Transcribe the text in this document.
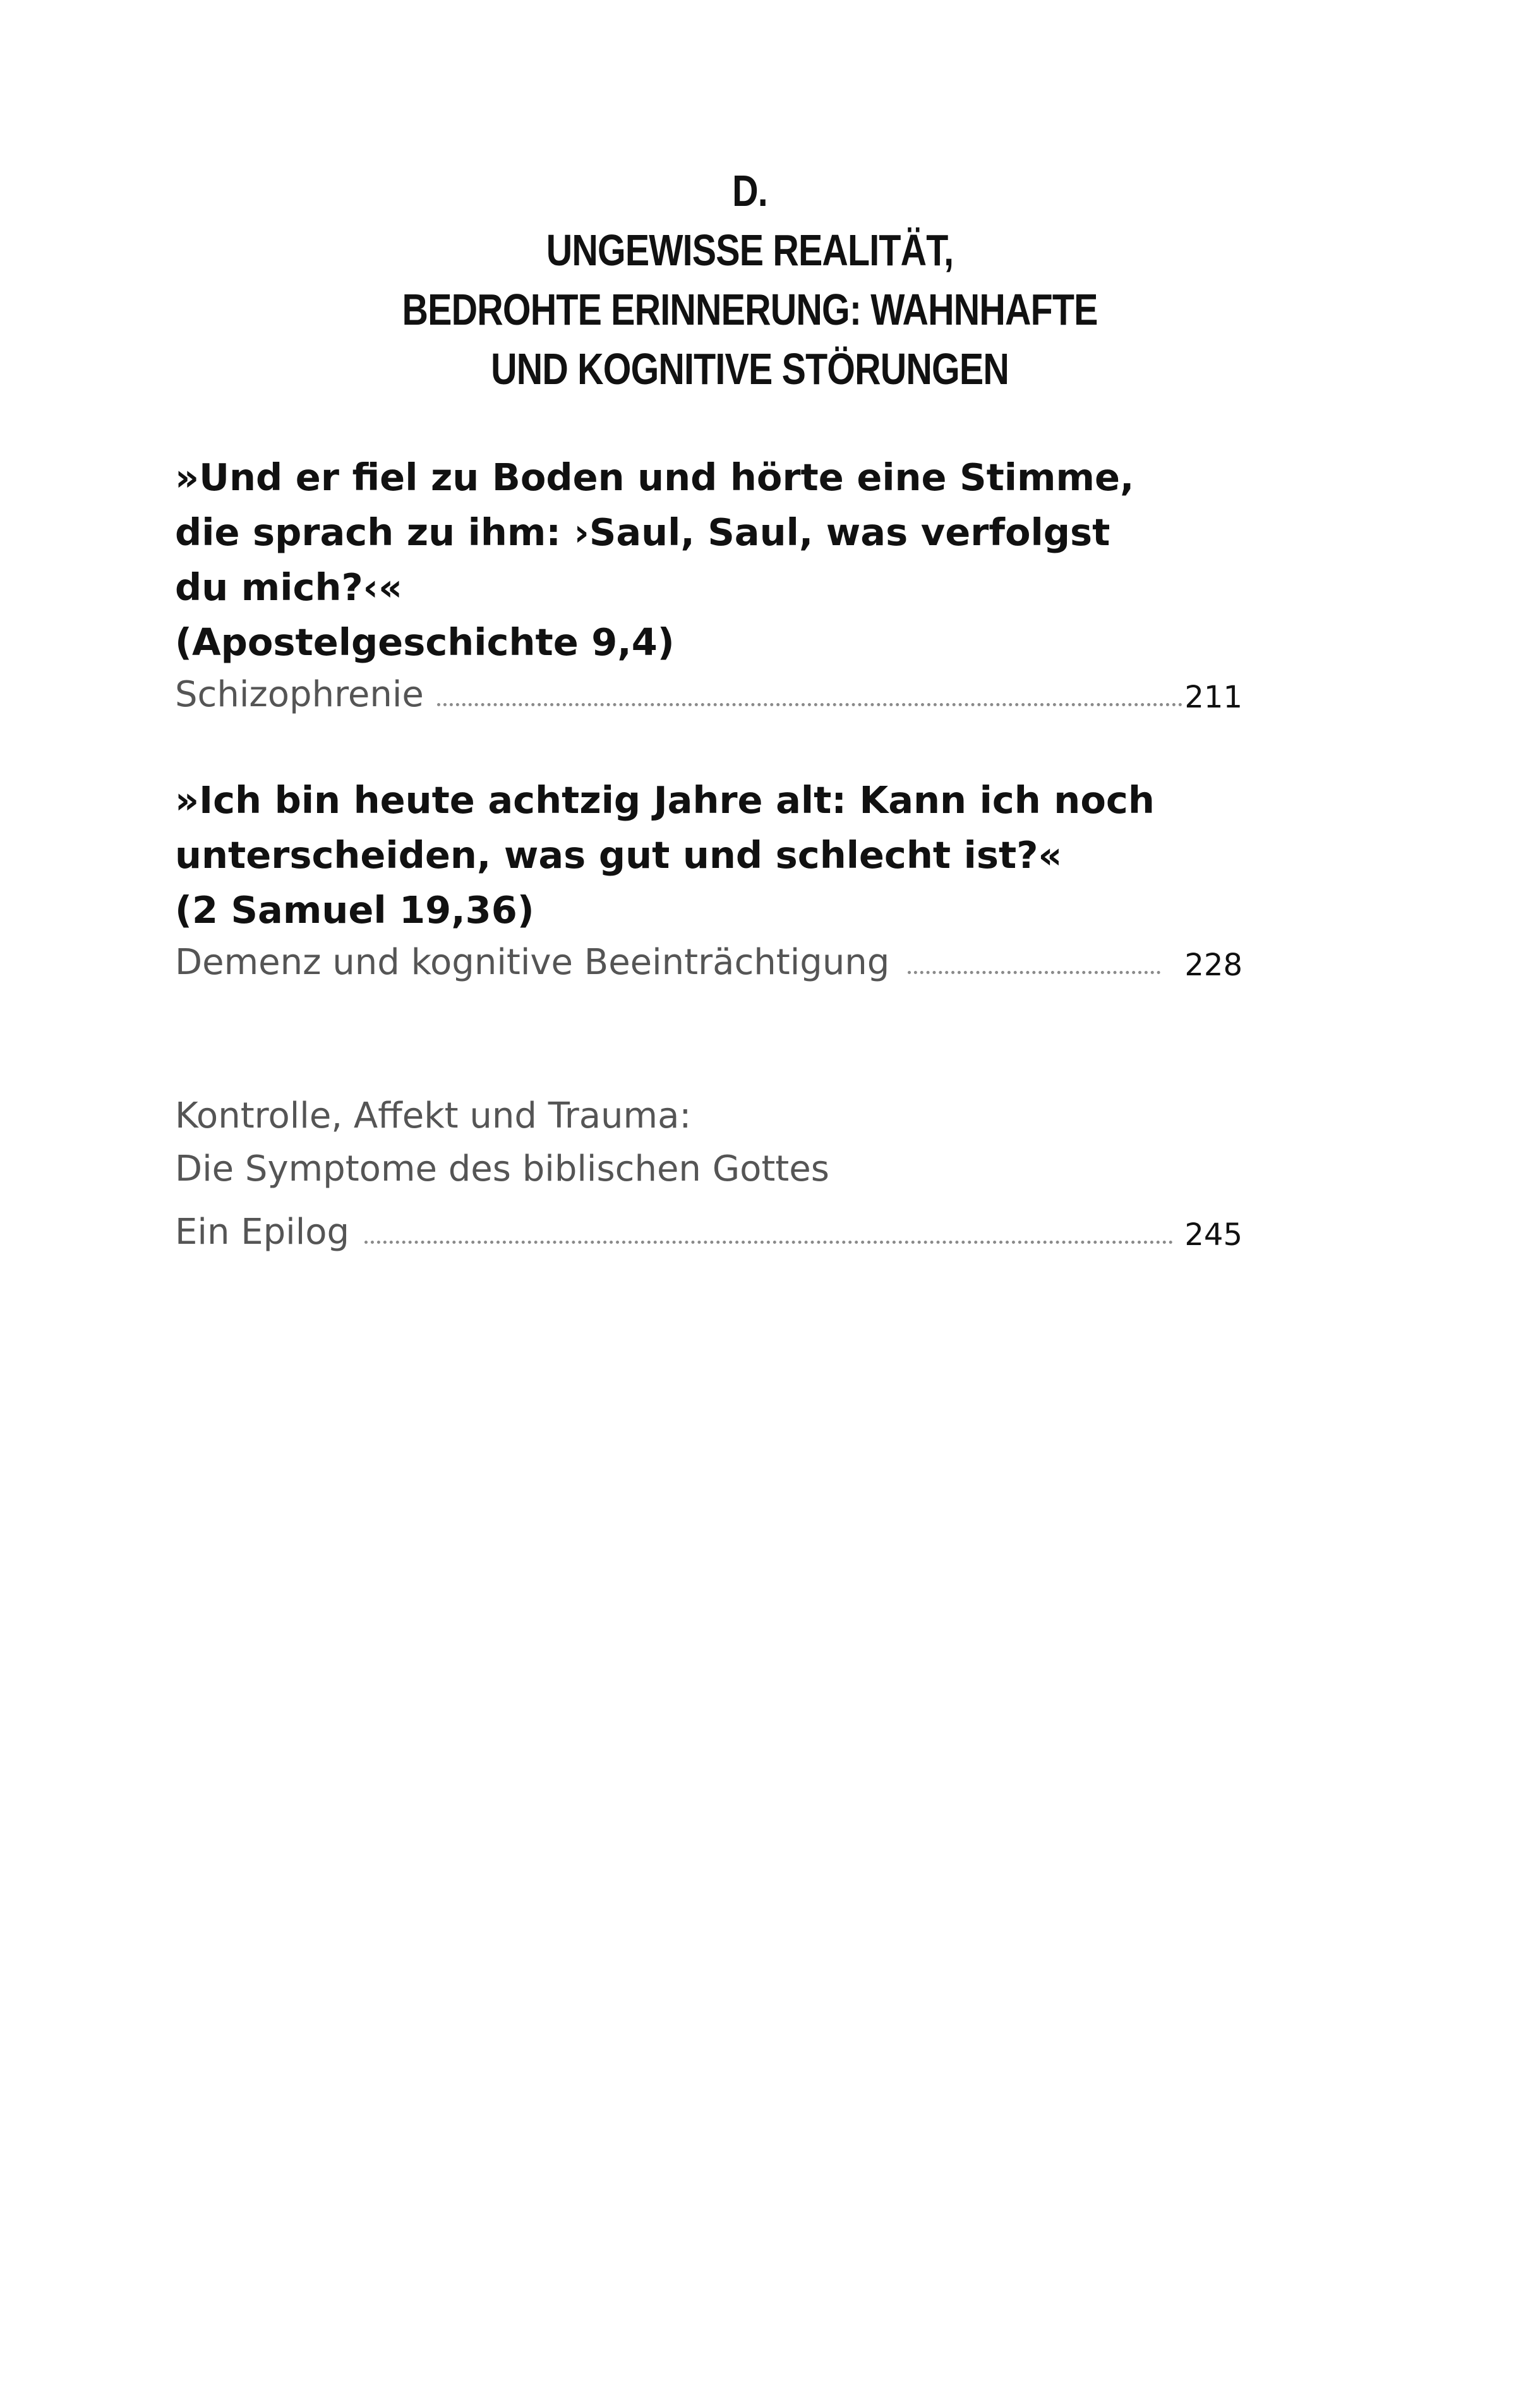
D.
UNGEWISSE REALITÄT,
BEDROHTE ERINNERUNG: WAHNHAFTE
UND KOGNITIVE STÖRUNGEN
»Und er fiel zu Boden und hörte eine Stimme,
die sprach zu ihm: ›Saul, Saul, was verfolgst
du mich?‹«
(Apostelgeschichte 9,4)
Schizophrenie	211
»Ich bin heute achtzig Jahre alt: Kann ich noch
unterscheiden, was gut und schlecht ist?«
(2 Samuel 19,36)
Demenz und kognitive Beeinträchtigung	228
Kontrolle, Affekt und Trauma:
Die Symptome des biblischen Gottes
Ein Epilog	245
